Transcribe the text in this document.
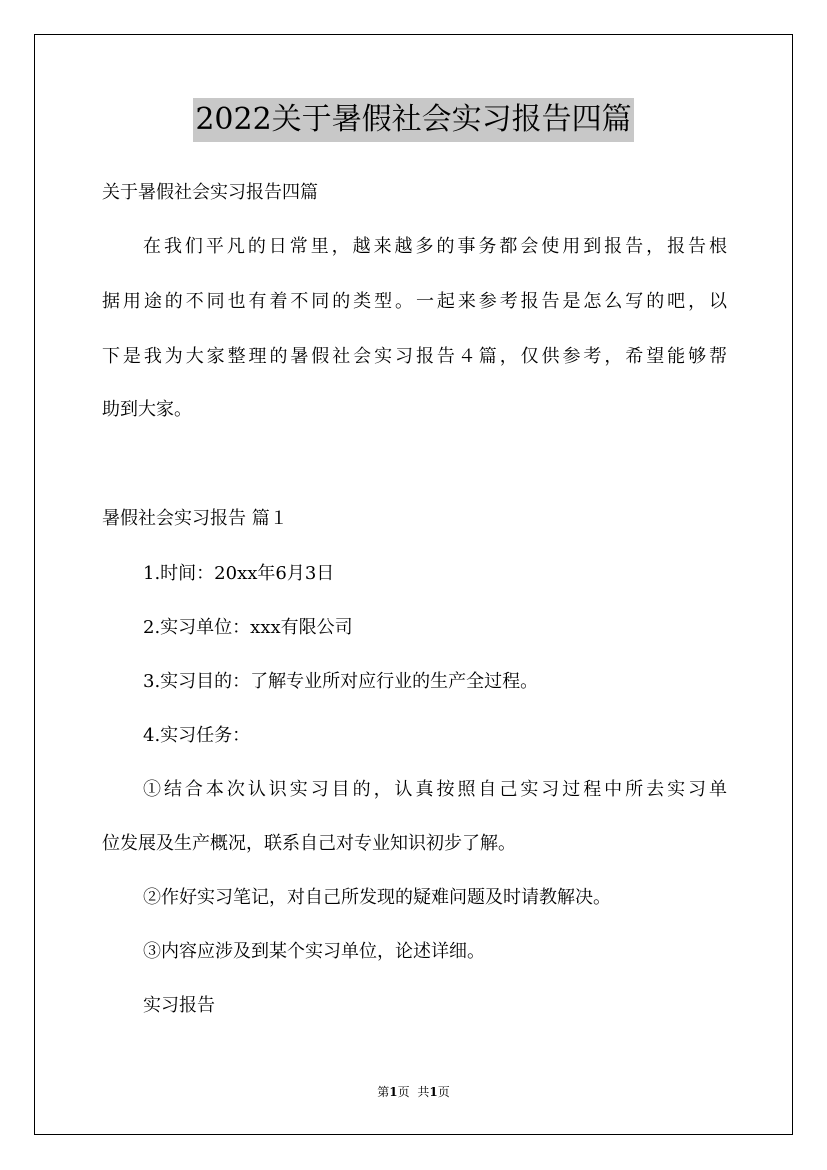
2022关于暑假社会实习报告四篇
关于暑假社会实习报告四篇
在我们平凡的日常里，越来越多的事务都会使用到报告，报告根
据用途的不同也有着不同的类型。一起来参考报告是怎么写的吧，以
下是我为大家整理的暑假社会实习报告４篇，仅供参考，希望能够帮
助到大家。
暑假社会实习报告 篇１
1.时间：20xx年6月3日
2.实习单位：xxx有限公司
3.实习目的：了解专业所对应行业的生产全过程。
4.实习任务：
①结合本次认识实习目的，认真按照自己实习过程中所去实习单
位发展及生产概况，联系自己对专业知识初步了解。
②作好实习笔记，对自己所发现的疑难问题及时请教解决。
③内容应涉及到某个实习单位，论述详细。
实习报告
第1页 共1页
